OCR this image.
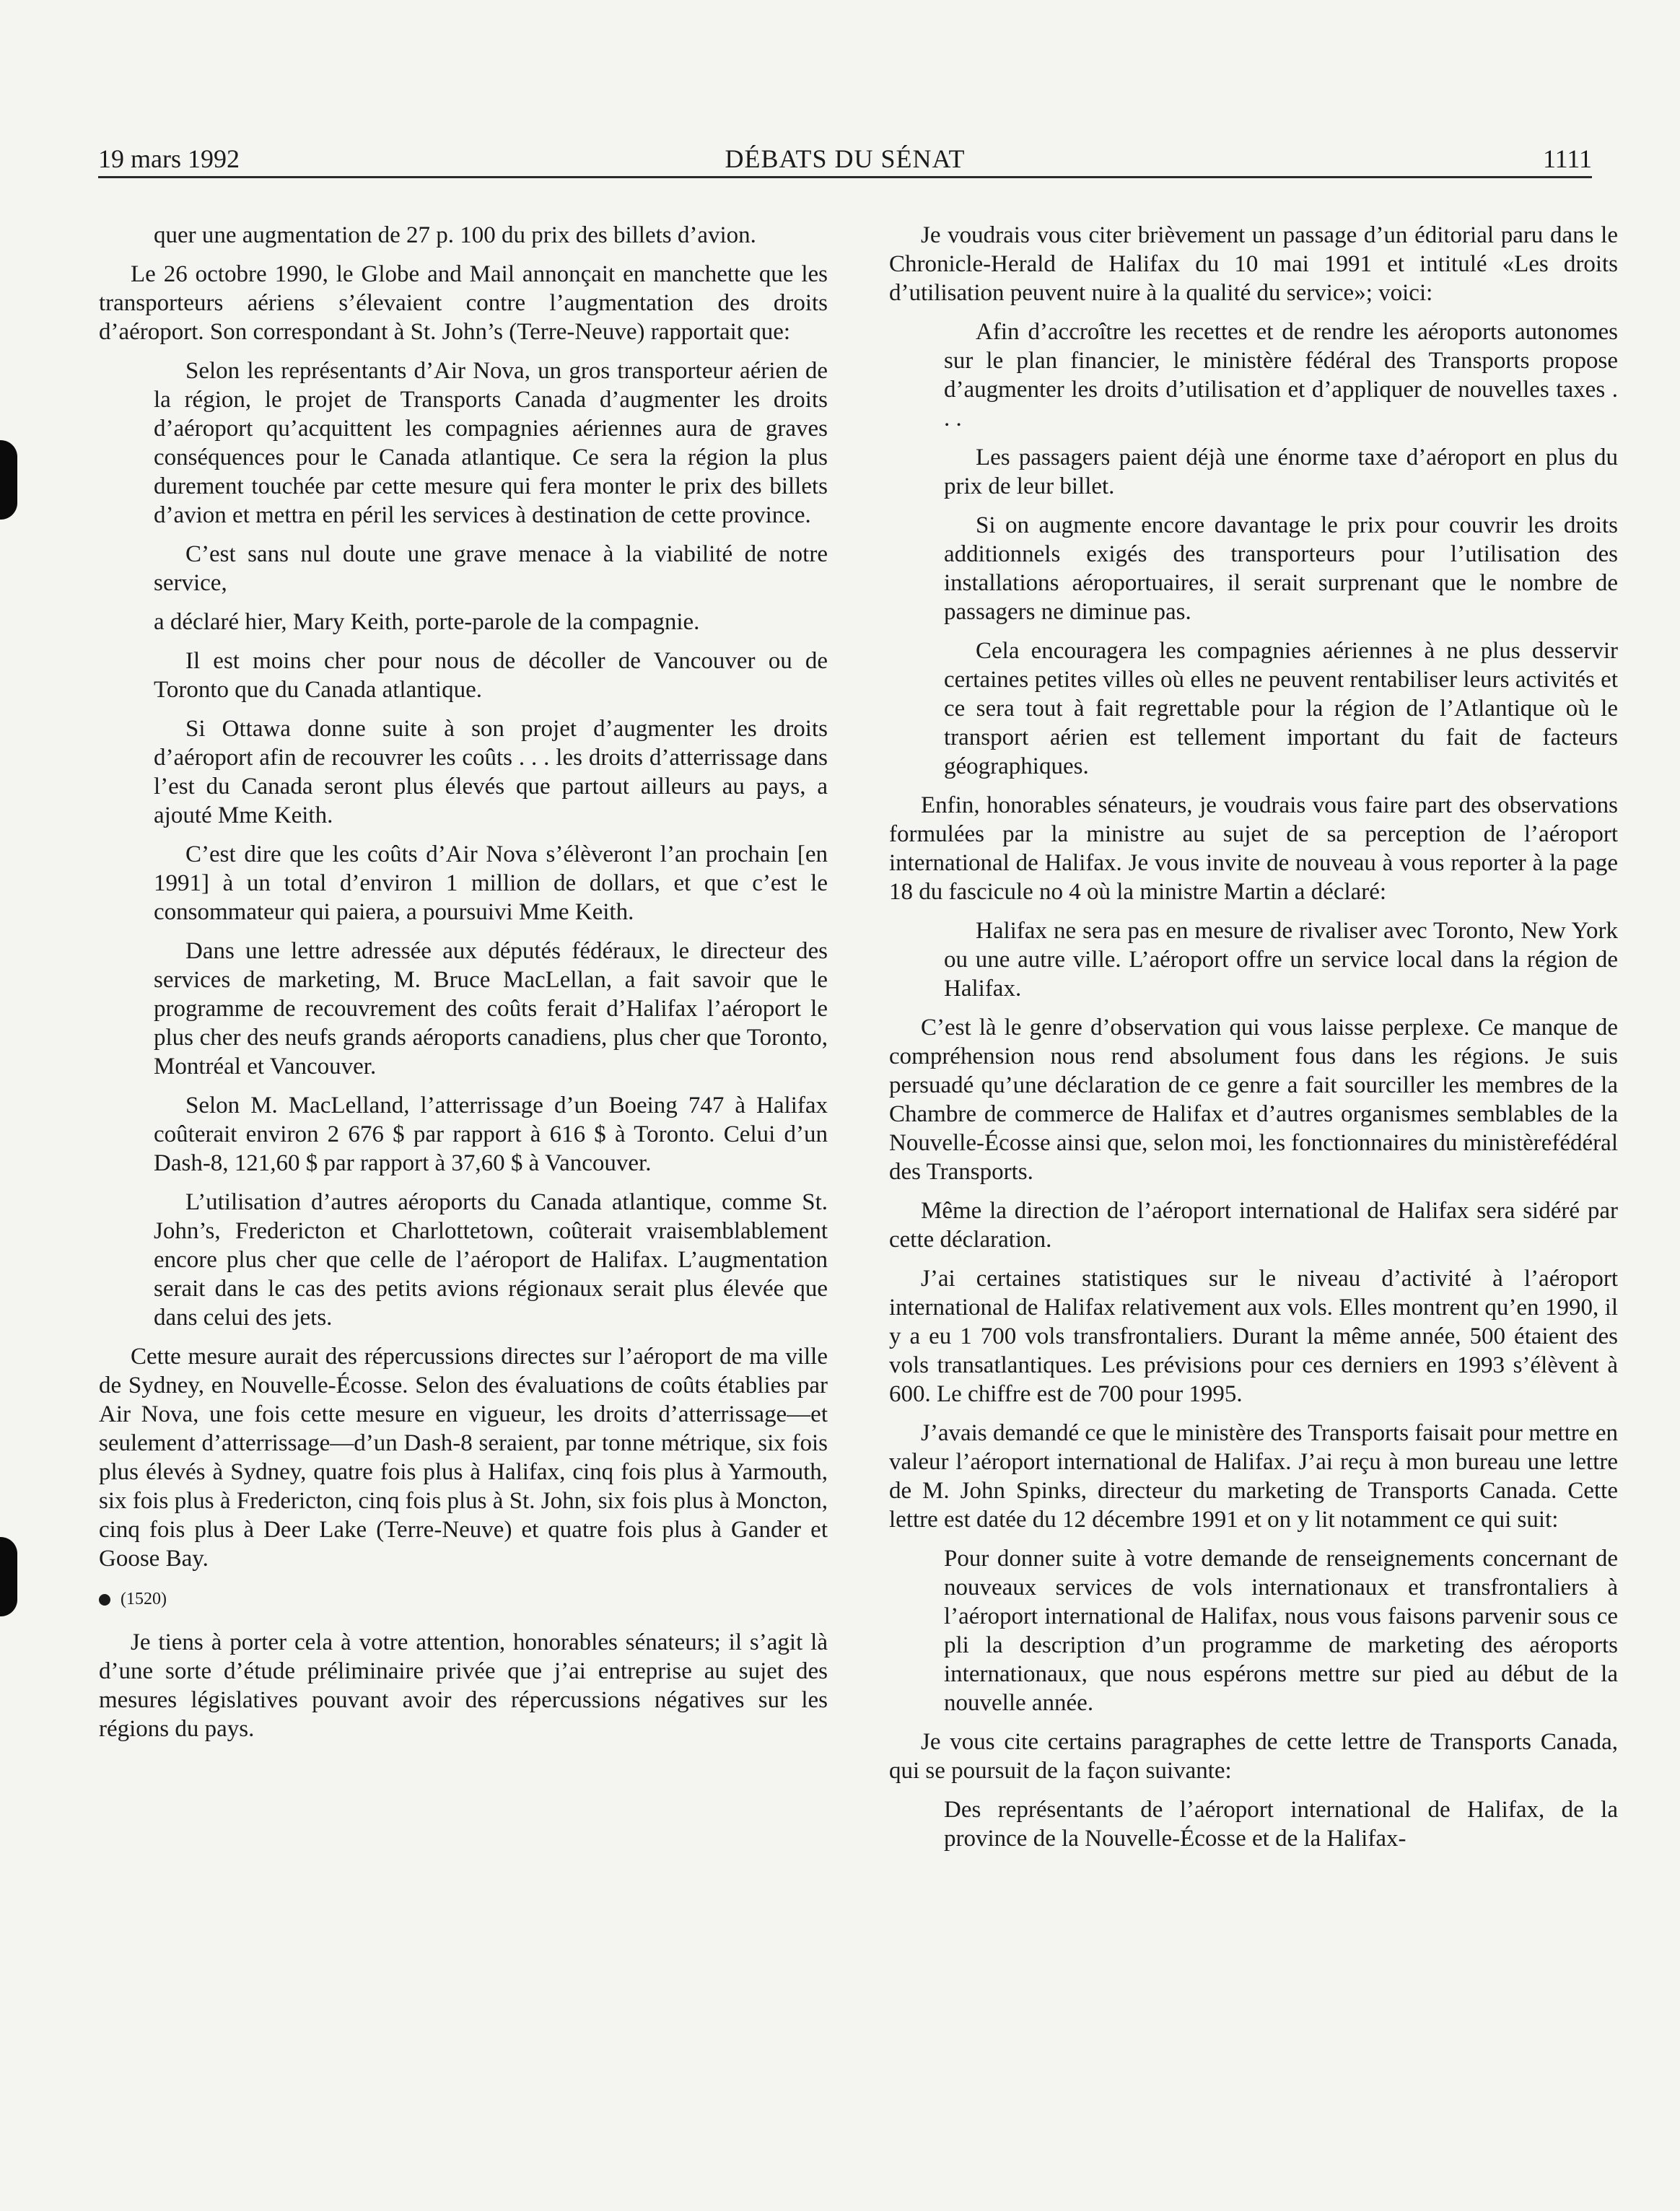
19 mars 1992	DÉBATS DU SÉNAT	1111

quer une augmentation de 27 p. 100 du prix des billets d’avion.

Le 26 octobre 1990, le Globe and Mail annonçait en manchette que les transporteurs aériens s’élevaient contre l’augmentation des droits d’aéroport. Son correspondant à St. John’s (Terre-Neuve) rapportait que:

Selon les représentants d’Air Nova, un gros transporteur aérien de la région, le projet de Transports Canada d’augmenter les droits d’aéroport qu’acquittent les compagnies aériennes aura de graves conséquences pour le Canada atlantique. Ce sera la région la plus durement touchée par cette mesure qui fera monter le prix des billets d’avion et mettra en péril les services à destination de cette province.

C’est sans nul doute une grave menace à la viabilité de notre service,

a déclaré hier, Mary Keith, porte-parole de la compagnie.

Il est moins cher pour nous de décoller de Vancouver ou de Toronto que du Canada atlantique.

Si Ottawa donne suite à son projet d’augmenter les droits d’aéroport afin de recouvrer les coûts . . . les droits d’atterrissage dans l’est du Canada seront plus élevés que partout ailleurs au pays, a ajouté Mme Keith.

C’est dire que les coûts d’Air Nova s’élèveront l’an prochain [en 1991] à un total d’environ 1 million de dollars, et que c’est le consommateur qui paiera, a poursuivi Mme Keith.

Dans une lettre adressée aux députés fédéraux, le directeur des services de marketing, M. Bruce MacLellan, a fait savoir que le programme de recouvrement des coûts ferait d’Halifax l’aéroport le plus cher des neufs grands aéroports canadiens, plus cher que Toronto, Montréal et Vancouver.

Selon M. MacLelland, l’atterrissage d’un Boeing 747 à Halifax coûterait environ 2 676 $ par rapport à 616 $ à Toronto. Celui d’un Dash-8, 121,60 $ par rapport à 37,60 $ à Vancouver.

L’utilisation d’autres aéroports du Canada atlantique, comme St. John’s, Fredericton et Charlottetown, coûterait vraisemblablement encore plus cher que celle de l’aéroport de Halifax. L’augmentation serait dans le cas des petits avions régionaux serait plus élevée que dans celui des jets.

Cette mesure aurait des répercussions directes sur l’aéroport de ma ville de Sydney, en Nouvelle-Écosse. Selon des évaluations de coûts établies par Air Nova, une fois cette mesure en vigueur, les droits d’atterrissage—et seulement d’atterrissage—d’un Dash-8 seraient, par tonne métrique, six fois plus élevés à Sydney, quatre fois plus à Halifax, cinq fois plus à Yarmouth, six fois plus à Fredericton, cinq fois plus à St. John, six fois plus à Moncton, cinq fois plus à Deer Lake (Terre-Neuve) et quatre fois plus à Gander et Goose Bay.

(1520)

Je tiens à porter cela à votre attention, honorables sénateurs; il s’agit là d’une sorte d’étude préliminaire privée que j’ai entreprise au sujet des mesures législatives pouvant avoir des répercussions négatives sur les régions du pays.

Je voudrais vous citer brièvement un passage d’un éditorial paru dans le Chronicle-Herald de Halifax du 10 mai 1991 et intitulé «Les droits d’utilisation peuvent nuire à la qualité du service»; voici:

Afin d’accroître les recettes et de rendre les aéroports autonomes sur le plan financier, le ministère fédéral des Transports propose d’augmenter les droits d’utilisation et d’appliquer de nouvelles taxes . . .

Les passagers paient déjà une énorme taxe d’aéroport en plus du prix de leur billet.

Si on augmente encore davantage le prix pour couvrir les droits additionnels exigés des transporteurs pour l’utilisation des installations aéroportuaires, il serait surprenant que le nombre de passagers ne diminue pas.

Cela encouragera les compagnies aériennes à ne plus desservir certaines petites villes où elles ne peuvent rentabiliser leurs activités et ce sera tout à fait regrettable pour la région de l’Atlantique où le transport aérien est tellement important du fait de facteurs géographiques.

Enfin, honorables sénateurs, je voudrais vous faire part des observations formulées par la ministre au sujet de sa perception de l’aéroport international de Halifax. Je vous invite de nouveau à vous reporter à la page 18 du fascicule no 4 où la ministre Martin a déclaré:

Halifax ne sera pas en mesure de rivaliser avec Toronto, New York ou une autre ville. L’aéroport offre un service local dans la région de Halifax.

C’est là le genre d’observation qui vous laisse perplexe. Ce manque de compréhension nous rend absolument fous dans les régions. Je suis persuadé qu’une déclaration de ce genre a fait sourciller les membres de la Chambre de commerce de Halifax et d’autres organismes semblables de la Nouvelle-Écosse ainsi que, selon moi, les fonctionnaires du ministèrefédéral des Transports.

Même la direction de l’aéroport international de Halifax sera sidéré par cette déclaration.

J’ai certaines statistiques sur le niveau d’activité à l’aéroport international de Halifax relativement aux vols. Elles montrent qu’en 1990, il y a eu 1 700 vols transfrontaliers. Durant la même année, 500 étaient des vols transatlantiques. Les prévisions pour ces derniers en 1993 s’élèvent à 600. Le chiffre est de 700 pour 1995.

J’avais demandé ce que le ministère des Transports faisait pour mettre en valeur l’aéroport international de Halifax. J’ai reçu à mon bureau une lettre de M. John Spinks, directeur du marketing de Transports Canada. Cette lettre est datée du 12 décembre 1991 et on y lit notamment ce qui suit:

Pour donner suite à votre demande de renseignements concernant de nouveaux services de vols internationaux et transfrontaliers à l’aéroport international de Halifax, nous vous faisons parvenir sous ce pli la description d’un programme de marketing des aéroports internationaux, que nous espérons mettre sur pied au début de la nouvelle année.

Je vous cite certains paragraphes de cette lettre de Transports Canada, qui se poursuit de la façon suivante:

Des représentants de l’aéroport international de Halifax, de la province de la Nouvelle-Écosse et de la Halifax-
